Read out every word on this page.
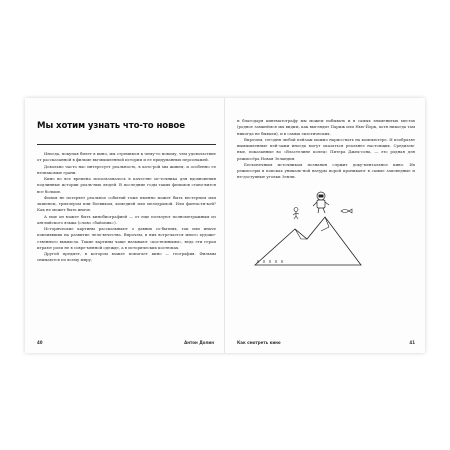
Мы хотим узнать что-то новое

Иногда, покупая билет в кино, мы стремимся к чему-то новому, чем удовольствие от рассказанной в фильме вы-мышленной истории и ее придуманных персонажей.

Довольно часто нас интересует реальность, в кото-рой мы живем, и особенно ее незнакомые грани.

Кино во все времена использовалось в качестве ис-точника для вдохновения подлинные истории реаль-ных людей. В последние годы таких фильмов стано-вится все больше.

Фильм не потеряет реальное событий тоже именно может быть вестерном или экшеном, триллером или боевиком, комедией или мелодрамой. Или фантасти-кой? Как не может быть иначе.

А еще он может быть кинобиографией — от еще пользуют полнометражным из английского языка (слово «байопик»).

Исторические картины рассказывают о давних со-бытиях, так или иначе повлиявших на развитие чело-вечества. Впрочем, в них встречается много художе-ственного вымысла. Такие картины чаще называют «костюмными», ведь эти герои играют роли не в совре-менной одежде, а в исторических костюмах.

Другой предмет, в котором может помогает кино — география. Фильмы снимаются по всему миру,

40	Антон Долин

и благодаря кинематографу мы можем побывать и в самых знаменитых местах (родное замкнёмся мы видим, как выглядит Париж или Нью-Йорк, хотя никогда там никогда не бывали), и в самых экзотических.

Впрочем, сегодня любой пейзаж можно нарисо-вать на компьютере. И изобразят вымышленные пей-зажи иногда могут оказаться реальнее настоящих. Средизем-ные, показанные во «Властелине колец» Питера Джек-сона, — это родная для режиссёра Новая Зеландия.

Бесконечным источником познания служит доку-ментальное кино. Их режиссеры в поисках уникаль-ной натуры порой проникают в самые заповедные и не-доступные уголки Земли.

Как смотреть кино	41
